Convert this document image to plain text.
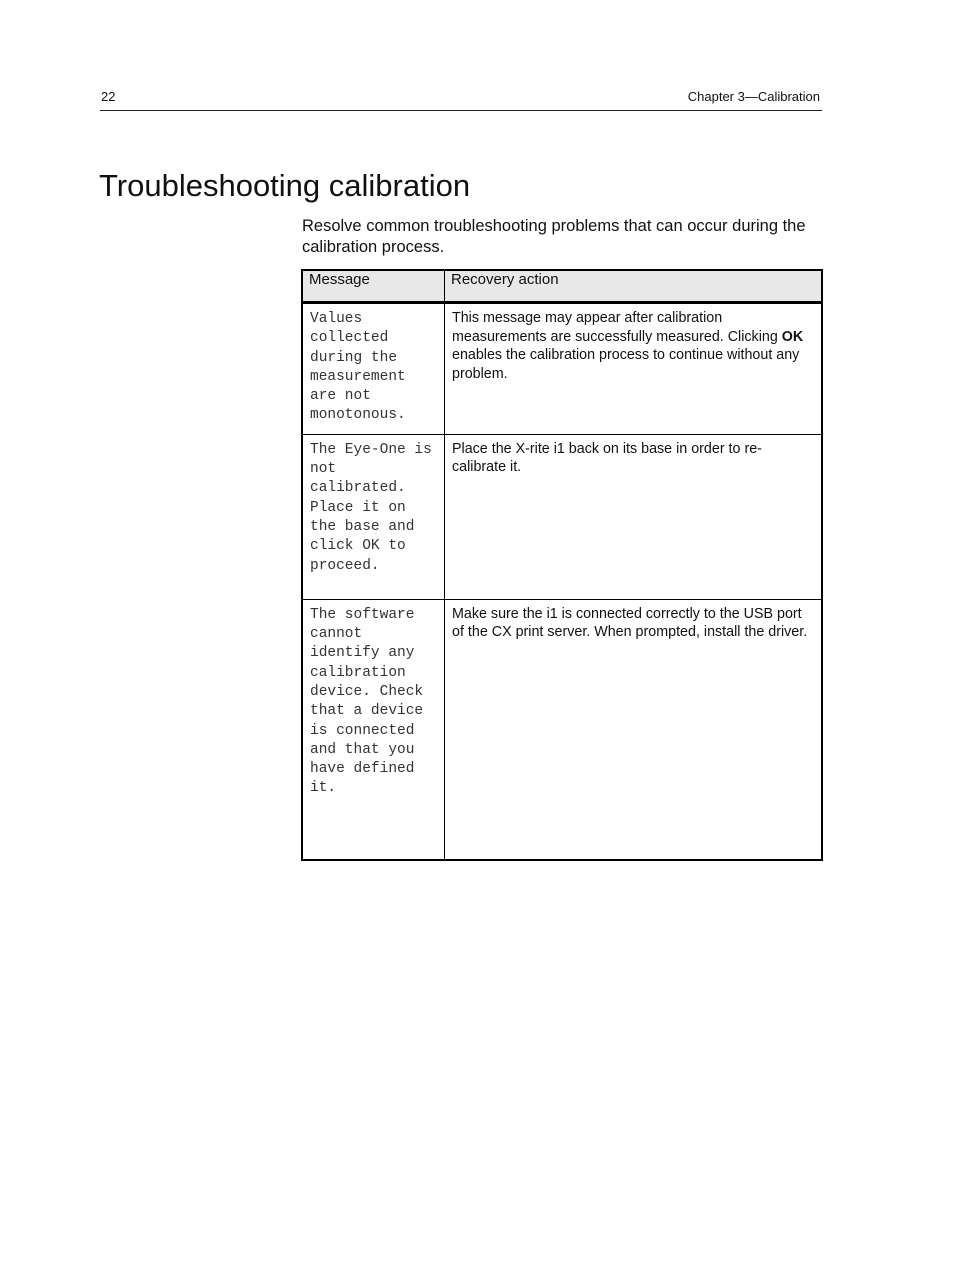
22	Chapter 3—Calibration
Troubleshooting calibration

Resolve common troubleshooting problems that can occur during the calibration process.

Message	Recovery action
Values collected during the measurement are not monotonous.	This message may appear after calibration measurements are successfully measured. Clicking OK enables the calibration process to continue without any problem.
The Eye-One is not calibrated. Place it on the base and click OK to proceed.	Place the X-rite i1 back on its base in order to re-calibrate it.
The software cannot identify any calibration device. Check that a device is connected and that you have defined it.	Make sure the i1 is connected correctly to the USB port of the CX print server. When prompted, install the driver.
